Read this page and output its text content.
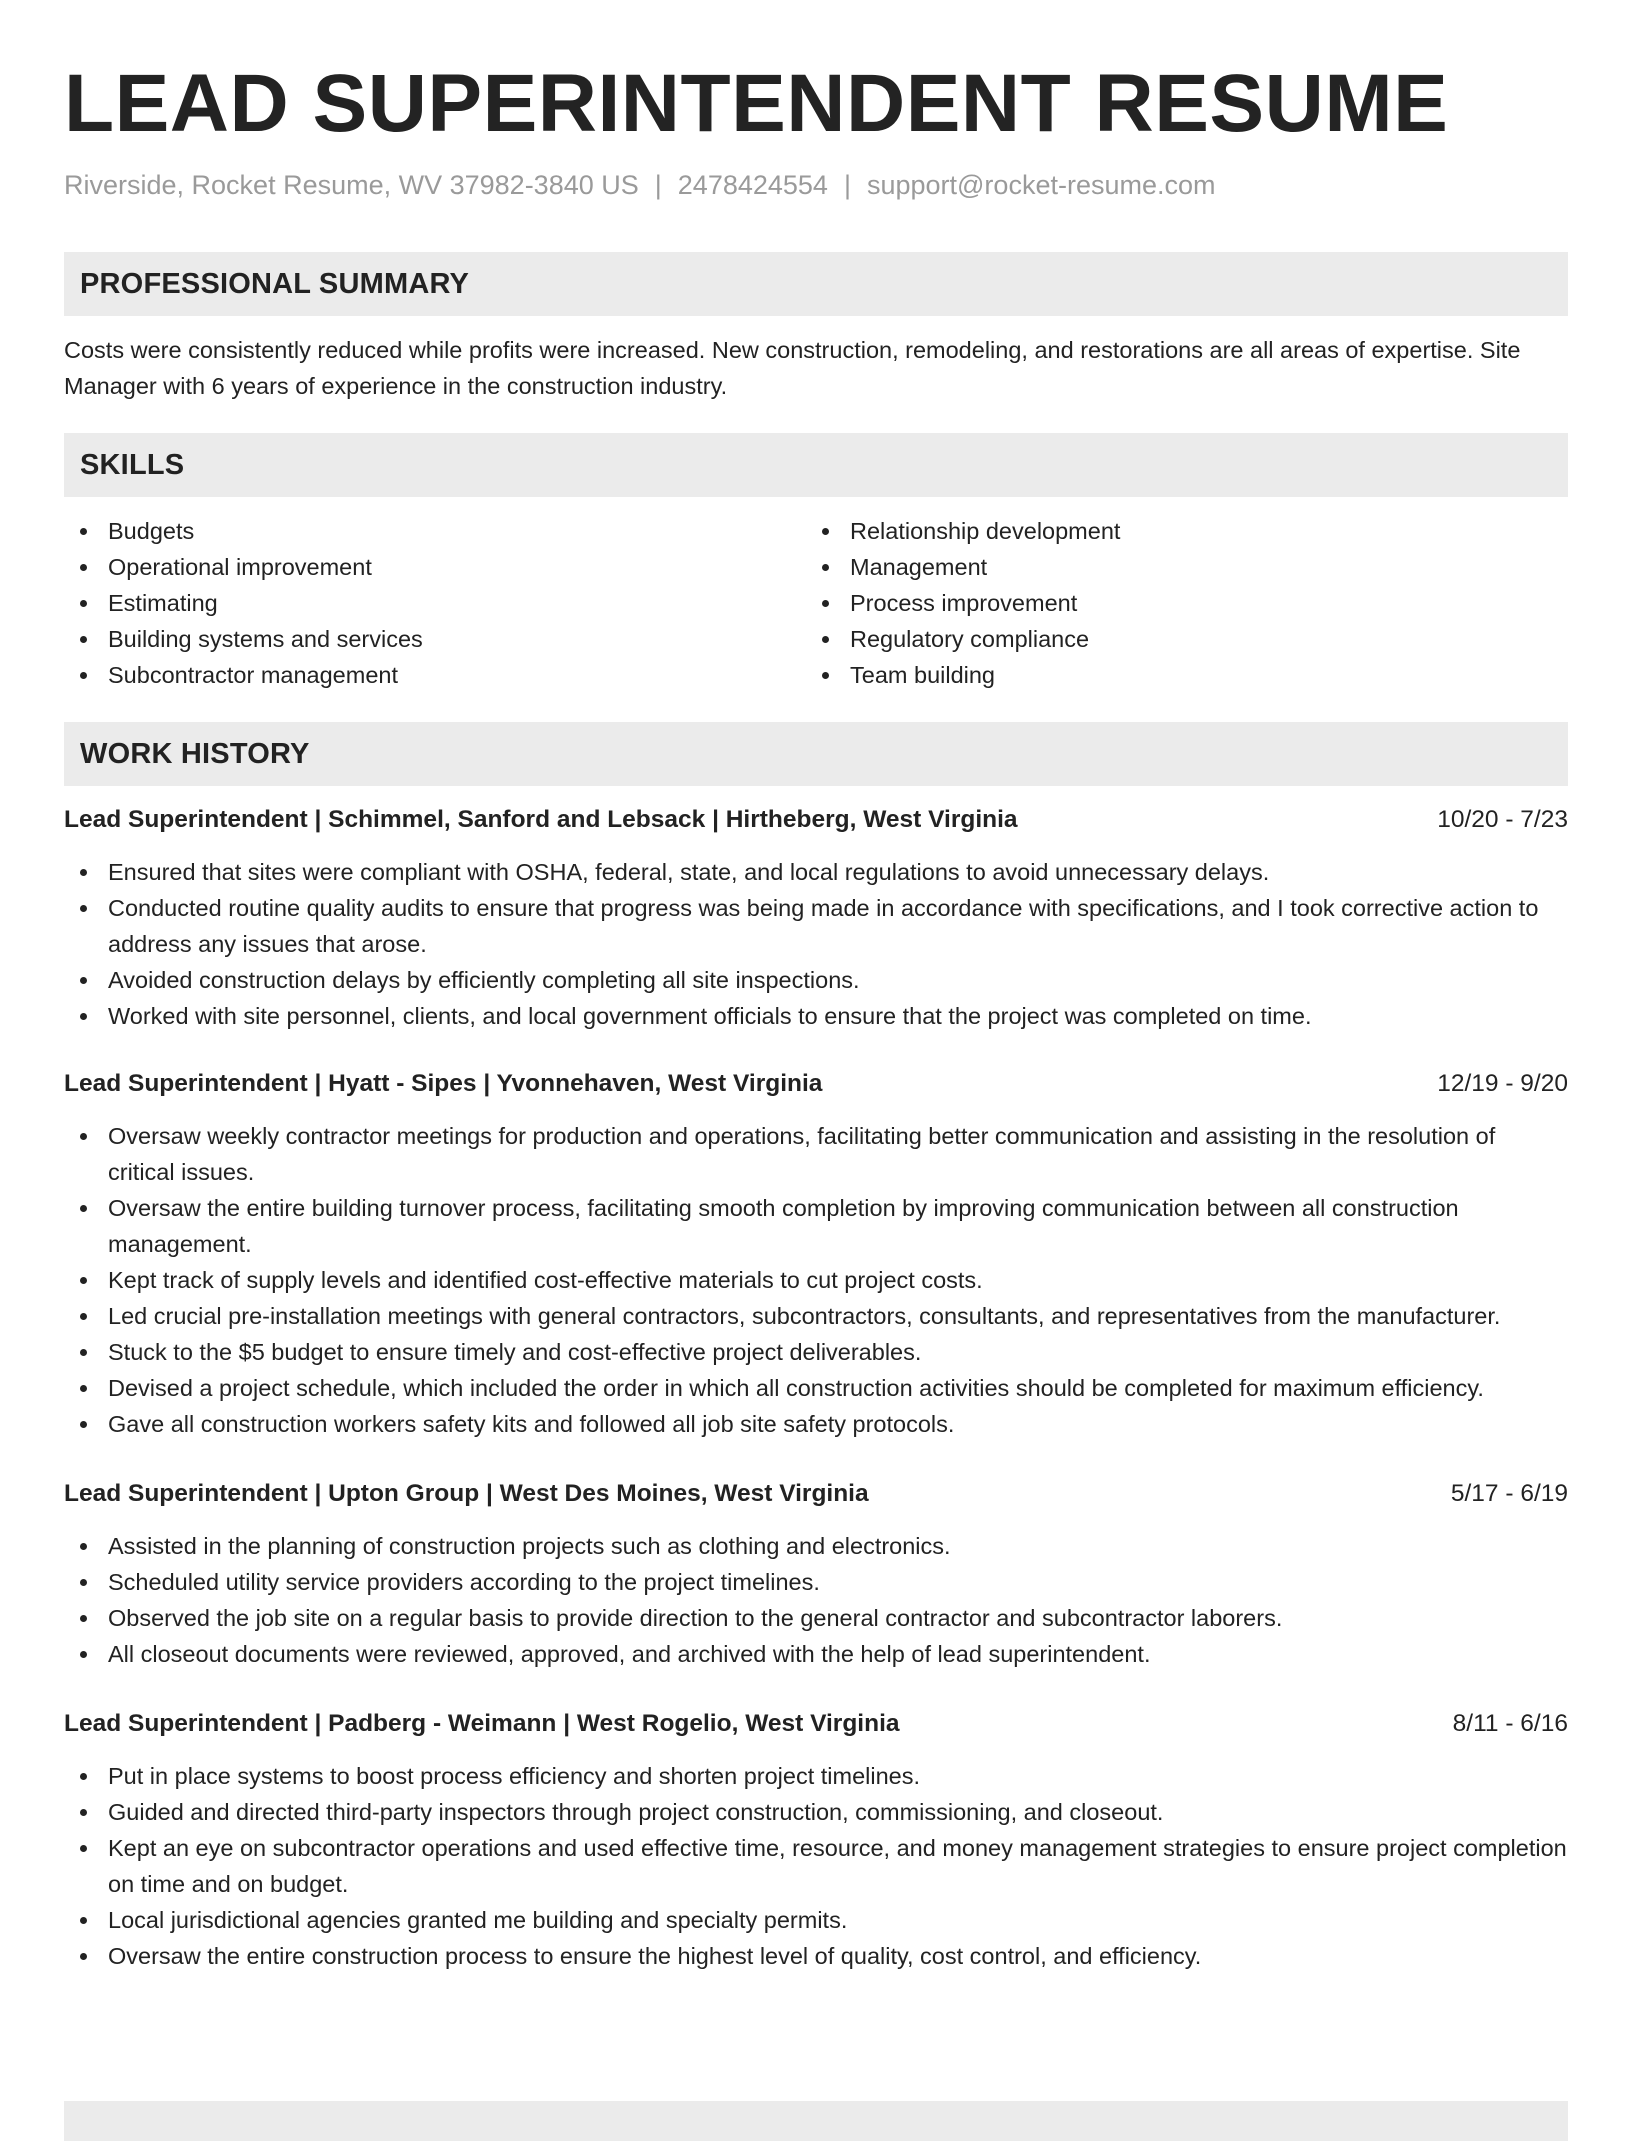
LEAD SUPERINTENDENT RESUME
Riverside, Rocket Resume, WV 37982-3840 US | 2478424554 | support@rocket-resume.com
PROFESSIONAL SUMMARY
Costs were consistently reduced while profits were increased. New construction, remodeling, and restorations are all areas of expertise. Site Manager with 6 years of experience in the construction industry.
SKILLS
Budgets
Operational improvement
Estimating
Building systems and services
Subcontractor management
Relationship development
Management
Process improvement
Regulatory compliance
Team building
WORK HISTORY
Lead Superintendent | Schimmel, Sanford and Lebsack | Hirtheberg, West Virginia	10/20 - 7/23
Ensured that sites were compliant with OSHA, federal, state, and local regulations to avoid unnecessary delays.
Conducted routine quality audits to ensure that progress was being made in accordance with specifications, and I took corrective action to address any issues that arose.
Avoided construction delays by efficiently completing all site inspections.
Worked with site personnel, clients, and local government officials to ensure that the project was completed on time.
Lead Superintendent | Hyatt - Sipes | Yvonnehaven, West Virginia	12/19 - 9/20
Oversaw weekly contractor meetings for production and operations, facilitating better communication and assisting in the resolution of critical issues.
Oversaw the entire building turnover process, facilitating smooth completion by improving communication between all construction management.
Kept track of supply levels and identified cost-effective materials to cut project costs.
Led crucial pre-installation meetings with general contractors, subcontractors, consultants, and representatives from the manufacturer.
Stuck to the $5 budget to ensure timely and cost-effective project deliverables.
Devised a project schedule, which included the order in which all construction activities should be completed for maximum efficiency.
Gave all construction workers safety kits and followed all job site safety protocols.
Lead Superintendent | Upton Group | West Des Moines, West Virginia	5/17 - 6/19
Assisted in the planning of construction projects such as clothing and electronics.
Scheduled utility service providers according to the project timelines.
Observed the job site on a regular basis to provide direction to the general contractor and subcontractor laborers.
All closeout documents were reviewed, approved, and archived with the help of lead superintendent.
Lead Superintendent | Padberg - Weimann | West Rogelio, West Virginia	8/11 - 6/16
Put in place systems to boost process efficiency and shorten project timelines.
Guided and directed third-party inspectors through project construction, commissioning, and closeout.
Kept an eye on subcontractor operations and used effective time, resource, and money management strategies to ensure project completion on time and on budget.
Local jurisdictional agencies granted me building and specialty permits.
Oversaw the entire construction process to ensure the highest level of quality, cost control, and efficiency.
